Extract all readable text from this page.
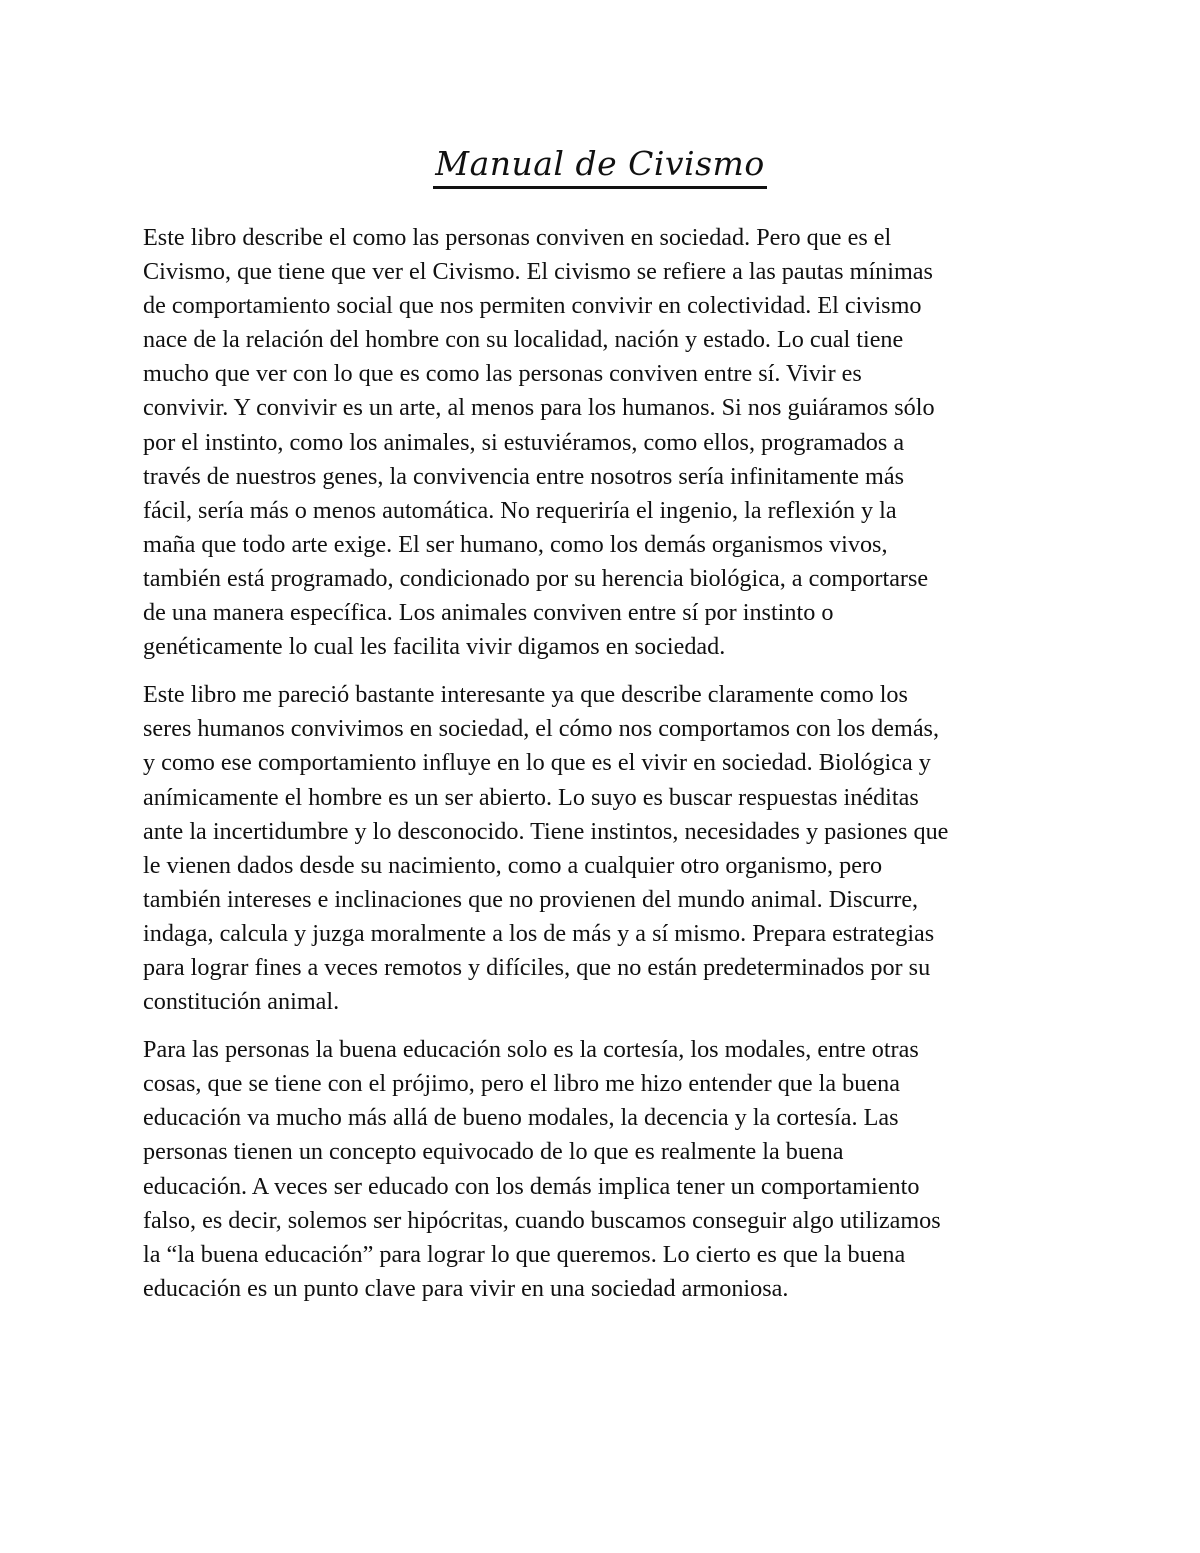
Manual de Civismo

Este libro describe el como las personas conviven en sociedad. Pero que es el
Civismo, que tiene que ver el Civismo. El civismo se refiere a las pautas mínimas
de comportamiento social que nos permiten convivir en colectividad. El civismo
nace de la relación del hombre con su localidad, nación y estado. Lo cual tiene
mucho que ver con lo que es como las personas conviven entre sí. Vivir es
convivir. Y convivir es un arte, al menos para los humanos. Si nos guiáramos sólo
por el instinto, como los animales, si estuviéramos, como ellos, programados a
través de nuestros genes, la convivencia entre nosotros sería infinitamente más
fácil, sería más o menos automática. No requeriría el ingenio, la reflexión y la
maña que todo arte exige. El ser humano, como los demás organismos vivos,
también está programado, condicionado por su herencia biológica, a comportarse
de una manera específica. Los animales conviven entre sí por instinto o
genéticamente lo cual les facilita vivir digamos en sociedad.

Este libro me pareció bastante interesante ya que describe claramente como los
seres humanos convivimos en sociedad, el cómo nos comportamos con los demás,
y como ese comportamiento influye en lo que es el vivir en sociedad. Biológica y
anímicamente el hombre es un ser abierto. Lo suyo es buscar respuestas inéditas
ante la incertidumbre y lo desconocido. Tiene instintos, necesidades y pasiones que
le vienen dados desde su nacimiento, como a cualquier otro organismo, pero
también intereses e inclinaciones que no provienen del mundo animal. Discurre,
indaga, calcula y juzga moralmente a los de más y a sí mismo. Prepara estrategias
para lograr fines a veces remotos y difíciles, que no están predeterminados por su
constitución animal.

Para las personas la buena educación solo es la cortesía, los modales, entre otras
cosas, que se tiene con el prójimo, pero el libro me hizo entender que la buena
educación va mucho más allá de bueno modales, la decencia y la cortesía. Las
personas tienen un concepto equivocado de lo que es realmente la buena
educación. A veces ser educado con los demás implica tener un comportamiento
falso, es decir, solemos ser hipócritas, cuando buscamos conseguir algo utilizamos
la “la buena educación” para lograr lo que queremos. Lo cierto es que la buena
educación es un punto clave para vivir en una sociedad armoniosa.
